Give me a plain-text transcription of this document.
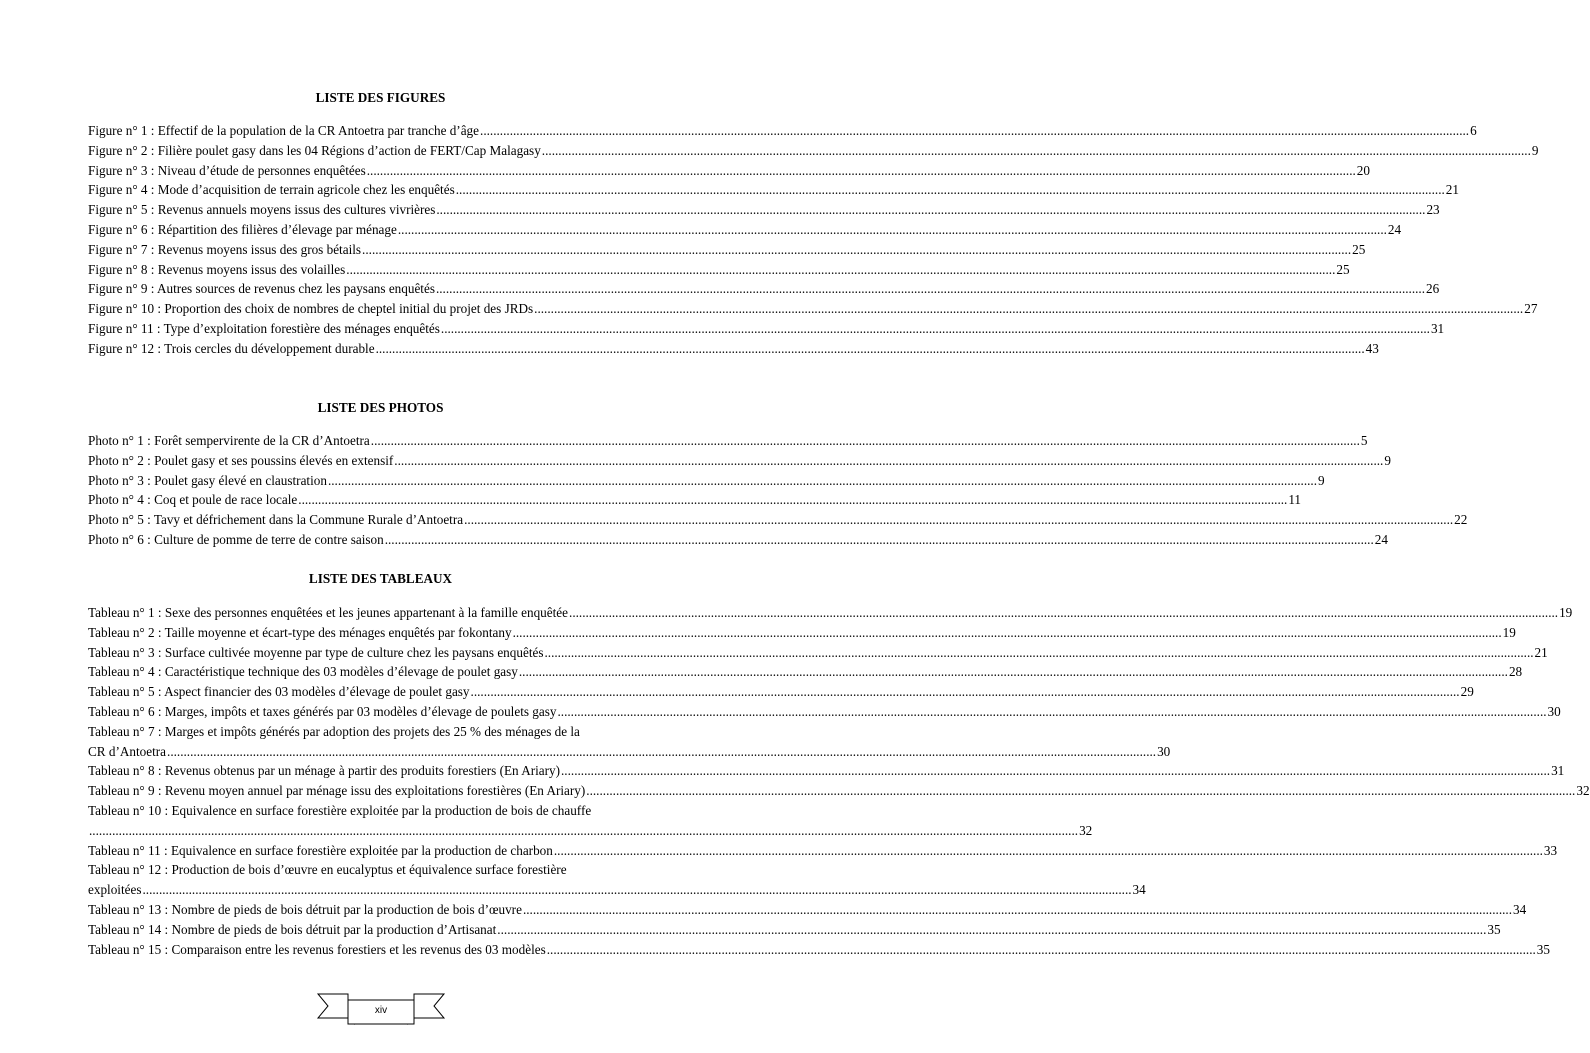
LISTE DES FIGURES
Figure n° 1 : Effectif de la population de la CR Antoetra par tranche d’âge ............................................................................................................................................................................................................................................................................................................ 6
Figure n° 2 : Filière poulet gasy dans les 04 Régions d’action de FERT/Cap Malagasy ............................................................................................................................................................................................................................................................................................................ 9
Figure n° 3 : Niveau d’étude de personnes enquêtées ............................................................................................................................................................................................................................................................................................................ 20
Figure n° 4 : Mode d’acquisition de terrain agricole chez les enquêtés ............................................................................................................................................................................................................................................................................................................ 21
Figure n° 5 : Revenus annuels moyens issus des cultures vivrières ............................................................................................................................................................................................................................................................................................................ 23
Figure n° 6 : Répartition des filières d’élevage par ménage ............................................................................................................................................................................................................................................................................................................ 24
Figure n° 7 : Revenus moyens issus des gros bétails ............................................................................................................................................................................................................................................................................................................ 25
Figure n° 8 : Revenus moyens issus des volailles ............................................................................................................................................................................................................................................................................................................ 25
Figure n° 9 : Autres sources de revenus chez les paysans enquêtés ............................................................................................................................................................................................................................................................................................................ 26
Figure n° 10 : Proportion des choix de nombres de cheptel initial du projet des JRDs ............................................................................................................................................................................................................................................................................................................ 27
Figure n° 11 : Type d’exploitation forestière des ménages enquêtés ............................................................................................................................................................................................................................................................................................................ 31
Figure n° 12 : Trois cercles du développement durable ............................................................................................................................................................................................................................................................................................................ 43
LISTE DES PHOTOS
Photo n° 1 : Forêt sempervirente de la CR d’Antoetra ............................................................................................................................................................................................................................................................................................................ 5
Photo n° 2 : Poulet gasy et ses poussins élevés en extensif ............................................................................................................................................................................................................................................................................................................ 9
Photo n° 3 : Poulet gasy élevé en claustration ............................................................................................................................................................................................................................................................................................................ 9
Photo n° 4 : Coq et poule de race locale ............................................................................................................................................................................................................................................................................................................ 11
Photo n° 5 : Tavy et défrichement dans la Commune Rurale d’Antoetra ............................................................................................................................................................................................................................................................................................................ 22
Photo n° 6 : Culture de pomme de terre de contre saison ............................................................................................................................................................................................................................................................................................................ 24
LISTE DES TABLEAUX
Tableau n° 1 : Sexe des personnes enquêtées et les jeunes appartenant à la famille enquêtée ............................................................................................................................................................................................................................................................................................................ 19
Tableau n° 2 : Taille moyenne et écart-type des ménages enquêtés par fokontany ............................................................................................................................................................................................................................................................................................................ 19
Tableau n° 3 : Surface cultivée moyenne par type de culture chez les paysans enquêtés ............................................................................................................................................................................................................................................................................................................ 21
Tableau n° 4 : Caractéristique technique des 03 modèles d’élevage de poulet gasy ............................................................................................................................................................................................................................................................................................................ 28
Tableau n° 5 : Aspect financier des 03 modèles d’élevage de poulet gasy ............................................................................................................................................................................................................................................................................................................ 29
Tableau n° 6 : Marges, impôts et taxes générés par 03 modèles d’élevage de poulets gasy ............................................................................................................................................................................................................................................................................................................ 30
Tableau n° 7 : Marges et impôts générés par adoption des projets des 25 % des ménages de la
CR d’Antoetra ............................................................................................................................................................................................................................................................................................................ 30
Tableau n° 8 : Revenus obtenus par un ménage à partir des produits forestiers (En Ariary) ............................................................................................................................................................................................................................................................................................................ 31
Tableau n° 9 : Revenu moyen annuel par ménage issu des exploitations forestières (En Ariary) ............................................................................................................................................................................................................................................................................................................ 32
Tableau n° 10 : Equivalence en surface forestière exploitée par la production de bois de chauffe
............................................................................................................................................................................................................................................................................................................ 32
Tableau n° 11 : Equivalence en surface forestière exploitée par la production de charbon ............................................................................................................................................................................................................................................................................................................ 33
Tableau n° 12 : Production de bois d’œuvre en eucalyptus et équivalence surface forestière
exploitées ............................................................................................................................................................................................................................................................................................................ 34
Tableau n° 13 : Nombre de pieds de bois détruit par la production de bois d’œuvre ............................................................................................................................................................................................................................................................................................................ 34
Tableau n° 14 : Nombre de pieds de bois détruit par la production d’Artisanat ............................................................................................................................................................................................................................................................................................................ 35
Tableau n° 15 : Comparaison entre les revenus forestiers et les revenus des 03 modèles ............................................................................................................................................................................................................................................................................................................ 35
xiv
